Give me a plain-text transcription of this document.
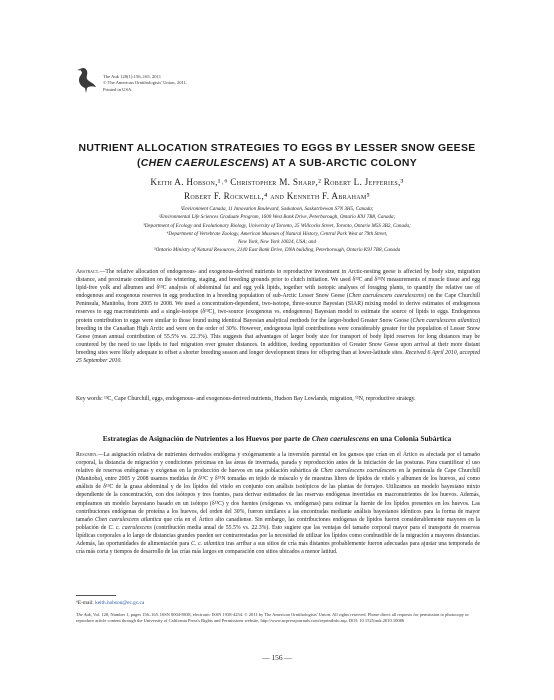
The Auk 128(1):156–165, 2011
© The American Ornithologists' Union, 2011.
Printed in USA.
NUTRIENT ALLOCATION STRATEGIES TO EGGS BY LESSER SNOW GEESE
(CHEN CAERULESCENS) AT A SUB-ARCTIC COLONY
Keith A. Hobson,¹˒⁶ Christopher M. Sharp,² Robert L. Jefferies,³
Robert F. Rockwell,⁴ and Kenneth F. Abraham⁵
¹Environment Canada, 11 Innovation Boulevard, Saskatoon, Saskatchewan S7N 3H5, Canada;
²Environmental Life Sciences Graduate Program, 1600 West Bank Drive, Peterborough, Ontario K9J 7B8, Canada;
³Department of Ecology and Evolutionary Biology, University of Toronto, 25 Willcocks Street, Toronto, Ontario M5S 3B2, Canada;
⁴Department of Vertebrate Zoology, American Museum of Natural History, Central Park West at 79th Street,
New York, New York 10024, USA; and
⁵Ontario Ministry of Natural Resources, 2140 East Bank Drive, DNA building, Peterborough, Ontario K9J 7B8, Canada
Abstract.—The relative allocation of endogenous- and exogenous-derived nutrients to reproductive investment in Arctic-nesting geese is affected by body size, migration distance, and proximate condition on the wintering, staging, and breeding grounds prior to clutch initiation. We used δ¹³C and δ¹⁵N measurements of muscle tissue and egg lipid-free yolk and albumen and δ¹³C analysis of abdominal fat and egg yolk lipids, together with isotopic analyses of foraging plants, to quantify the relative use of endogenous and exogenous reserves in egg production in a breeding population of sub-Arctic Lesser Snow Geese (Chen caerulescens caerulescens) on the Cape Churchill Peninsula, Manitoba, from 2005 to 2008. We used a concentration-dependent, two-isotope, three-source Bayesian (SIAR) mixing model to derive estimates of endogenous reserves to egg macronutrients and a single-isotope (δ¹³C), two-source (exogenous vs. endogenous) Bayesian model to estimate the source of lipids to eggs. Endogenous protein contribution to eggs were similar to those found using identical Bayesian analytical methods for the larger-bodied Greater Snow Goose (Chen caerulescens atlantica) breeding in the Canadian High Arctic and were on the order of 30%. However, endogenous lipid contributions were considerably greater for the population of Lesser Snow Geese (mean annual contribution of 55.5% vs. 22.3%). This suggests that advantages of larger body size for transport of body lipid reserves for long distances may be countered by the need to use lipids to fuel migration over greater distances. In addition, feeding opportunities of Greater Snow Geese upon arrival at their more distant breeding sites were likely adequate to offset a shorter breeding season and longer development times for offspring than at lower-latitude sites. Received 6 April 2010, accepted 25 September 2010.
Key words: ¹³C, Cape Churchill, eggs, endogenous- and exogenous-derived nutrients, Hudson Bay Lowlands, migration, ¹⁵N, reproductive strategy.
Estrategias de Asignación de Nutrientes a los Huevos por parte de Chen caerulescens en una Colonia Subártica
Resumen.—La asignación relativa de nutrientes derivados endógena y exógenamente a la inversión parental en los gansos que crían en el Ártico es afectada por el tamaño corporal, la distancia de migración y condiciones próximas en las áreas de invernada, parada y reproducción antes de la iniciación de las posturas. Para cuantificar el uso relativo de reservas endógenas y exógenas en la producción de huevos en una población subártica de Chen caerulescens caerulescens en la península de Cape Churchill (Manitoba), entre 2005 y 2008 usamos medidas de δ¹³C y δ¹⁵N tomadas en tejido de músculo y de muestras libres de lípidos de vitelo y albumen de los huevos, así como análisis de δ¹³C de la grasa abdominal y de los lípidos del vitelo en conjunto con análisis isotópicos de las plantas de forrajeo. Utilizamos un modelo bayesiano mixto dependiente de la concentración, con dos isótopos y tres fuentes, para derivar estimados de las reservas endógenas invertidas en macronutrientes de los huevos. Además, empleamos un modelo bayesiano basado en un isótopo (δ¹³C) y dos fuentes (exógenas vs. endógenas) para estimar la fuente de los lípidos presentes en los huevos. Las contribuciones endógenas de proteína a los huevos, del orden del 30%, fueron similares a las encontradas mediante análisis bayesianos idénticos para la forma de mayor tamaño Chen caerulescens atlantica que cría en el Ártico alto canadiense. Sin embargo, las contribuciones endógenas de lípidos fueron considerablemente mayores en la población de C. c. caerulescens (contribución media anual de 55.5% vs. 22.3%). Esto sugiere que las ventajas del tamaño corporal mayor para el transporte de reservas lipídicas corporales a lo largo de distancias grandes pueden ser contrarrestadas por la necesidad de utilizar los lípidos como combustible de la migración a mayores distancias. Además, las oportunidades de alimentación para C. c. atlantica tras arribar a sus sitios de cría más distantes probablemente fueron adecuadas para ajustar una temporada de cría más corta y tiempos de desarrollo de las crías más largos en comparación con sitios ubicados a menor latitud.
⁶E-mail: keith.hobson@ec.gc.ca
The Auk, Vol. 128, Number 1, pages 156–165. ISSN 0004-8038, electronic ISSN 1938-4254. © 2011 by The American Ornithologists' Union. All rights reserved. Please direct all requests for permission to photocopy or reproduce article content through the University of California Press's Rights and Permissions website, http://www.ucpressjournals.com/reprintInfo.asp. DOI: 10.1525/auk.2010.10086
— 156 —
